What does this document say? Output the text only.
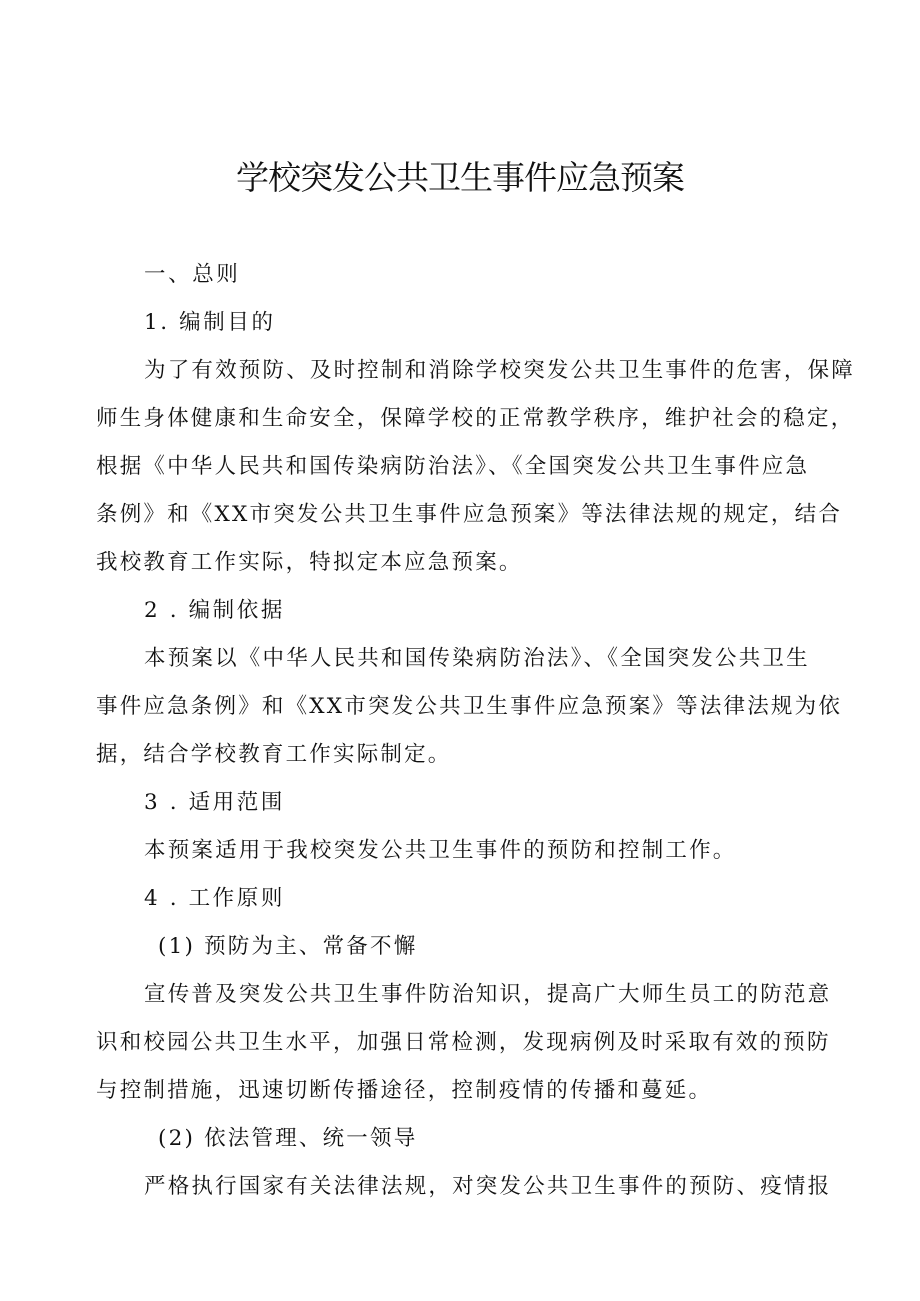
学校突发公共卫生事件应急预案

一、总则

1. 编制目的

为了有效预防、及时控制和消除学校突发公共卫生事件的危害，保障

师生身体健康和生命安全，保障学校的正常教学秩序，维护社会的稳定，

根据《中华人民共和国传染病防治法》、《全国突发公共卫生事件应急

条例》和《XX市突发公共卫生事件应急预案》等法律法规的规定，结合

我校教育工作实际，特拟定本应急预案。

2 . 编制依据

本预案以《中华人民共和国传染病防治法》、《全国突发公共卫生

事件应急条例》和《XX市突发公共卫生事件应急预案》等法律法规为依

据，结合学校教育工作实际制定。

3 . 适用范围

本预案适用于我校突发公共卫生事件的预防和控制工作。

4 . 工作原则

(1) 预防为主、常备不懈

宣传普及突发公共卫生事件防治知识，提高广大师生员工的防范意

识和校园公共卫生水平，加强日常检测，发现病例及时采取有效的预防

与控制措施，迅速切断传播途径，控制疫情的传播和蔓延。

(2) 依法管理、统一领导

严格执行国家有关法律法规，对突发公共卫生事件的预防、疫情报
